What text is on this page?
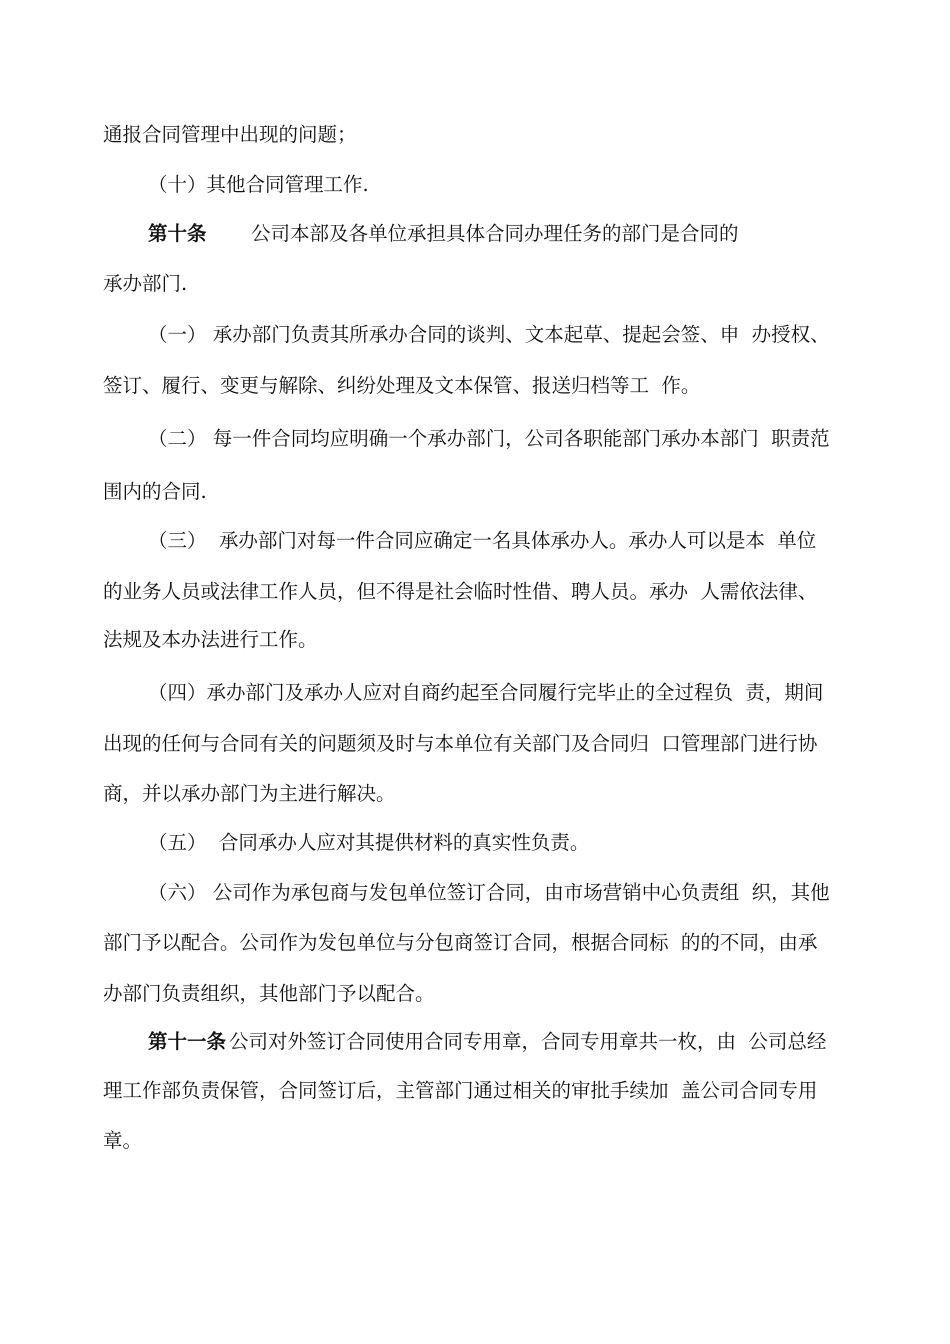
通报合同管理中出现的问题；

（十）其他合同管理工作.

第十条 公司本部及各单位承担具体合同办理任务的部门是合同的

承办部门.

（一） 承办部门负责其所承办合同的谈判、文本起草、提起会签、申  办授权、

签订、履行、变更与解除、纠纷处理及文本保管、报送归档等工  作。

（二） 每一件合同均应明确一个承办部门，公司各职能部门承办本部门  职责范

围内的合同.

（三）  承办部门对每一件合同应确定一名具体承办人。承办人可以是本  单位

的业务人员或法律工作人员，但不得是社会临时性借、聘人员。承办  人需依法律、

法规及本办法进行工作。

（四）承办部门及承办人应对自商约起至合同履行完毕止的全过程负  责，期间

出现的任何与合同有关的问题须及时与本单位有关部门及合同归  口管理部门进行协

商，并以承办部门为主进行解决。

（五）  合同承办人应对其提供材料的真实性负责。

（六） 公司作为承包商与发包单位签订合同，由市场营销中心负责组  织，其他

部门予以配合。公司作为发包单位与分包商签订合同，根据合同标  的的不同，由承

办部门负责组织，其他部门予以配合。

第十一条 公司对外签订合同使用合同专用章，合同专用章共一枚，由  公司总经

理工作部负责保管，合同签订后，主管部门通过相关的审批手续加  盖公司合同专用

章。
